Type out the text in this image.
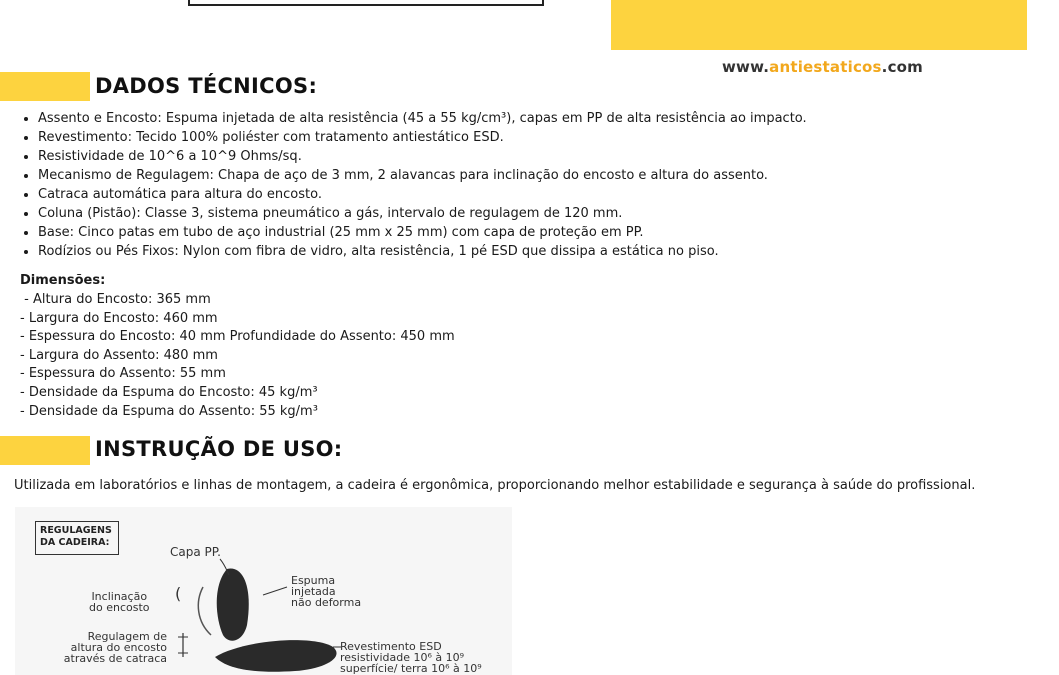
www.antiestaticos.com
DADOS TÉCNICOS:
• Assento e Encosto: Espuma injetada de alta resistência (45 a 55 kg/cm³), capas em PP de alta resistência ao impacto.
• Revestimento: Tecido 100% poliéster com tratamento antiestático ESD.
• Resistividade de 10^6 a 10^9 Ohms/sq.
• Mecanismo de Regulagem: Chapa de aço de 3 mm, 2 alavancas para inclinação do encosto e altura do assento.
• Catraca automática para altura do encosto.
• Coluna (Pistão): Classe 3, sistema pneumático a gás, intervalo de regulagem de 120 mm.
• Base: Cinco patas em tubo de aço industrial (25 mm x 25 mm) com capa de proteção em PP.
• Rodízios ou Pés Fixos: Nylon com fibra de vidro, alta resistência, 1 pé ESD que dissipa a estática no piso.
Dimensões:
- Altura do Encosto: 365 mm
- Largura do Encosto: 460 mm
- Espessura do Encosto: 40 mm Profundidade do Assento: 450 mm
- Largura do Assento: 480 mm
- Espessura do Assento: 55 mm
- Densidade da Espuma do Encosto: 45 kg/m³
- Densidade da Espuma do Assento: 55 kg/m³
INSTRUÇÃO DE USO:
Utilizada em laboratórios e linhas de montagem, a cadeira é ergonômica, proporcionando melhor estabilidade e segurança à saúde do profissional.
REGULAGENS
DA CADEIRA:
Capa PP.
Espuma
injetada
não deforma
Inclinação
do encosto
Regulagem de
altura do encosto
através de catraca
Revestimento ESD
resistividade 10⁶ à 10⁹
superfície/ terra 10⁶ à 10⁹
(
